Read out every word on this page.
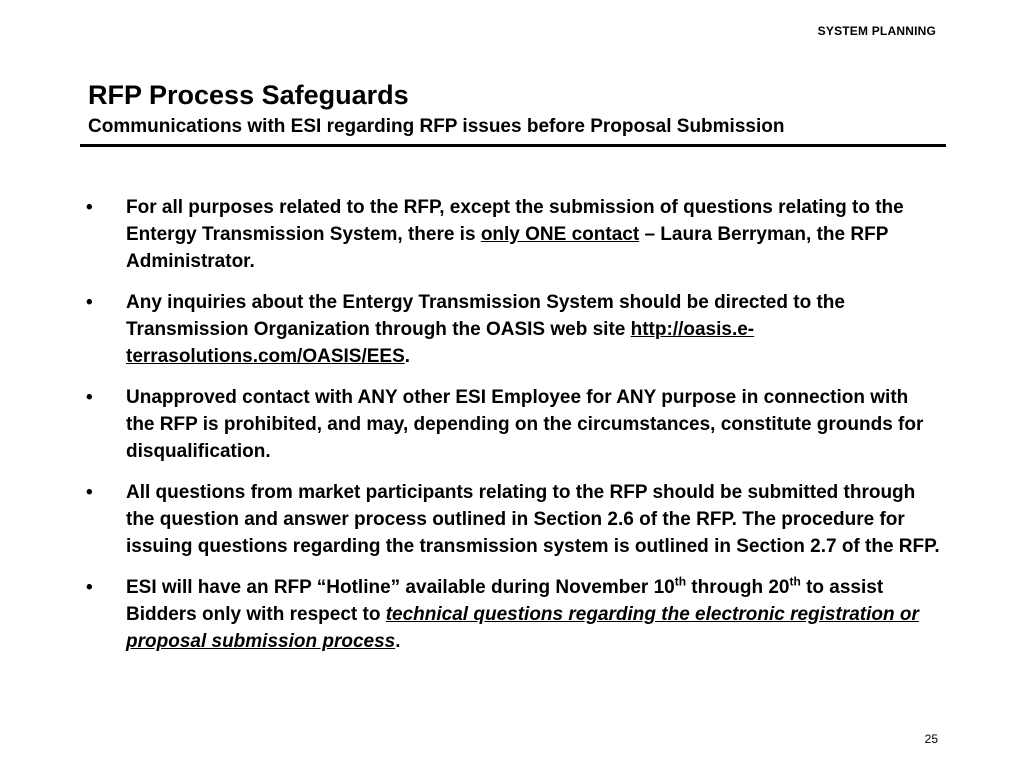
SYSTEM PLANNING
RFP Process Safeguards
Communications with ESI regarding RFP issues before Proposal Submission
•	For all purposes related to the RFP, except the submission of questions relating to the Entergy Transmission System, there is only ONE contact – Laura Berryman, the RFP Administrator.
•	Any inquiries about the Entergy Transmission System should be directed to the Transmission Organization through the OASIS web site http://oasis.e-terrasolutions.com/OASIS/EES.
•	Unapproved contact with ANY other ESI Employee for ANY purpose in connection with the RFP is prohibited, and may, depending on the circumstances, constitute grounds for disqualification.
•	All questions from market participants relating to the RFP should be submitted through the question and answer process outlined in Section 2.6 of the RFP. The procedure for issuing questions regarding the transmission system is outlined in Section 2.7 of the RFP.
•	ESI will have an RFP “Hotline” available during November 10th through 20th to assist Bidders only with respect to technical questions regarding the electronic registration or proposal submission process.
25
